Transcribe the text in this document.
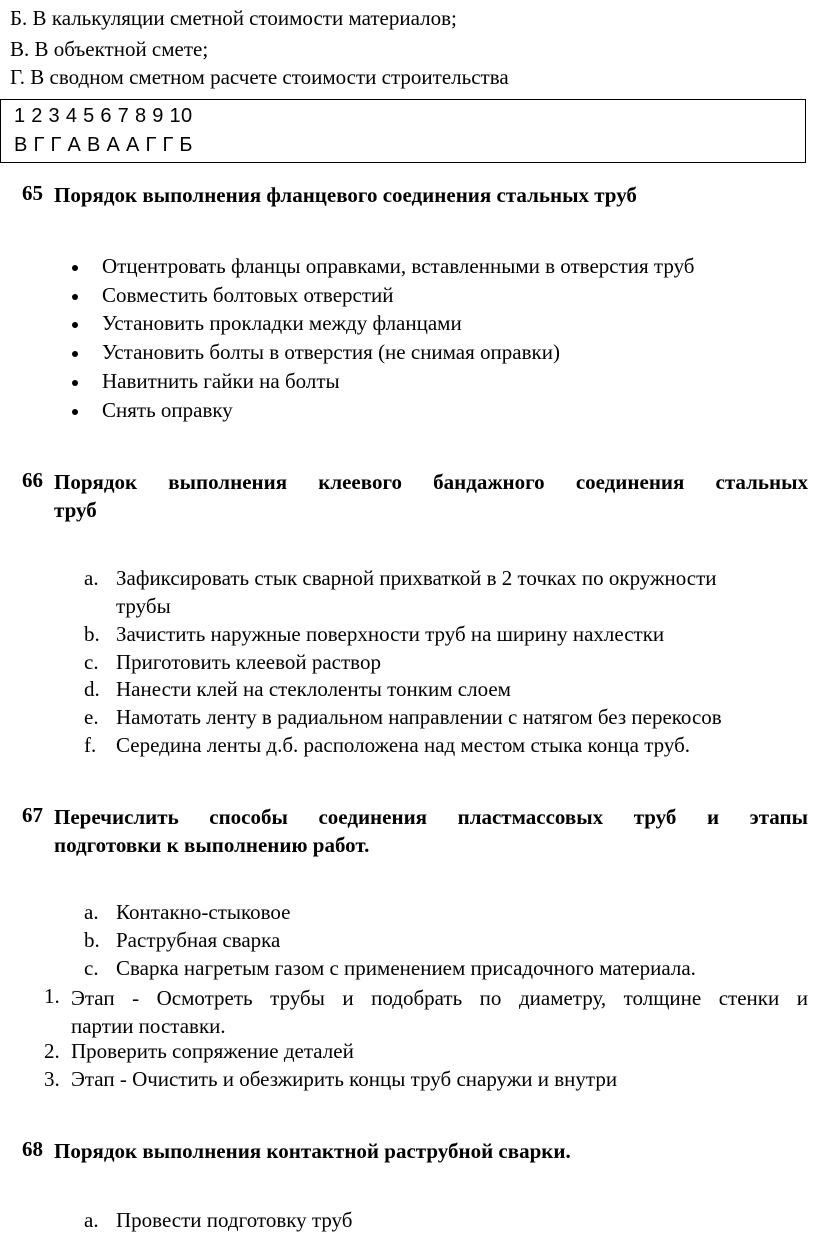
Б. В калькуляции сметной стоимости материалов;
В. В объектной смете;
Г. В сводном сметном расчете стоимости строительства
1 2 3 4 5 6 7 8 9 10
В Г Г А В А А Г Г Б
65 Порядок выполнения фланцевого соединения стальных труб
Отцентровать фланцы оправками, вставленными в отверстия труб
Совместить болтовых отверстий
Установить прокладки между фланцами
Установить болты в отверстия (не снимая оправки)
Навитнить гайки на болты
Снять оправку
66 Порядок выполнения клеевого бандажного соединения стальных
труб
a. Зафиксировать стык сварной прихваткой в 2 точках по окружности
трубы
b. Зачистить наружные поверхности труб на ширину нахлестки
c. Приготовить клеевой раствор
d. Нанести клей на стеклоленты тонким слоем
e. Намотать ленту в радиальном направлении с натягом без перекосов
f. Середина ленты д.б. расположена над местом стыка конца труб.
67 Перечислить способы соединения пластмассовых труб и этапы
подготовки к выполнению работ.
a. Контакно-стыковое
b. Раструбная сварка
c. Сварка нагретым газом с применением присадочного материала.
1. Этап - Осмотреть трубы и подобрать по диаметру, толщине стенки и
партии поставки.
2. Проверить сопряжение деталей
3. Этап - Очистить и обезжирить концы труб снаружи и внутри
68 Порядок выполнения контактной раструбной сварки.
a. Провести подготовку труб
